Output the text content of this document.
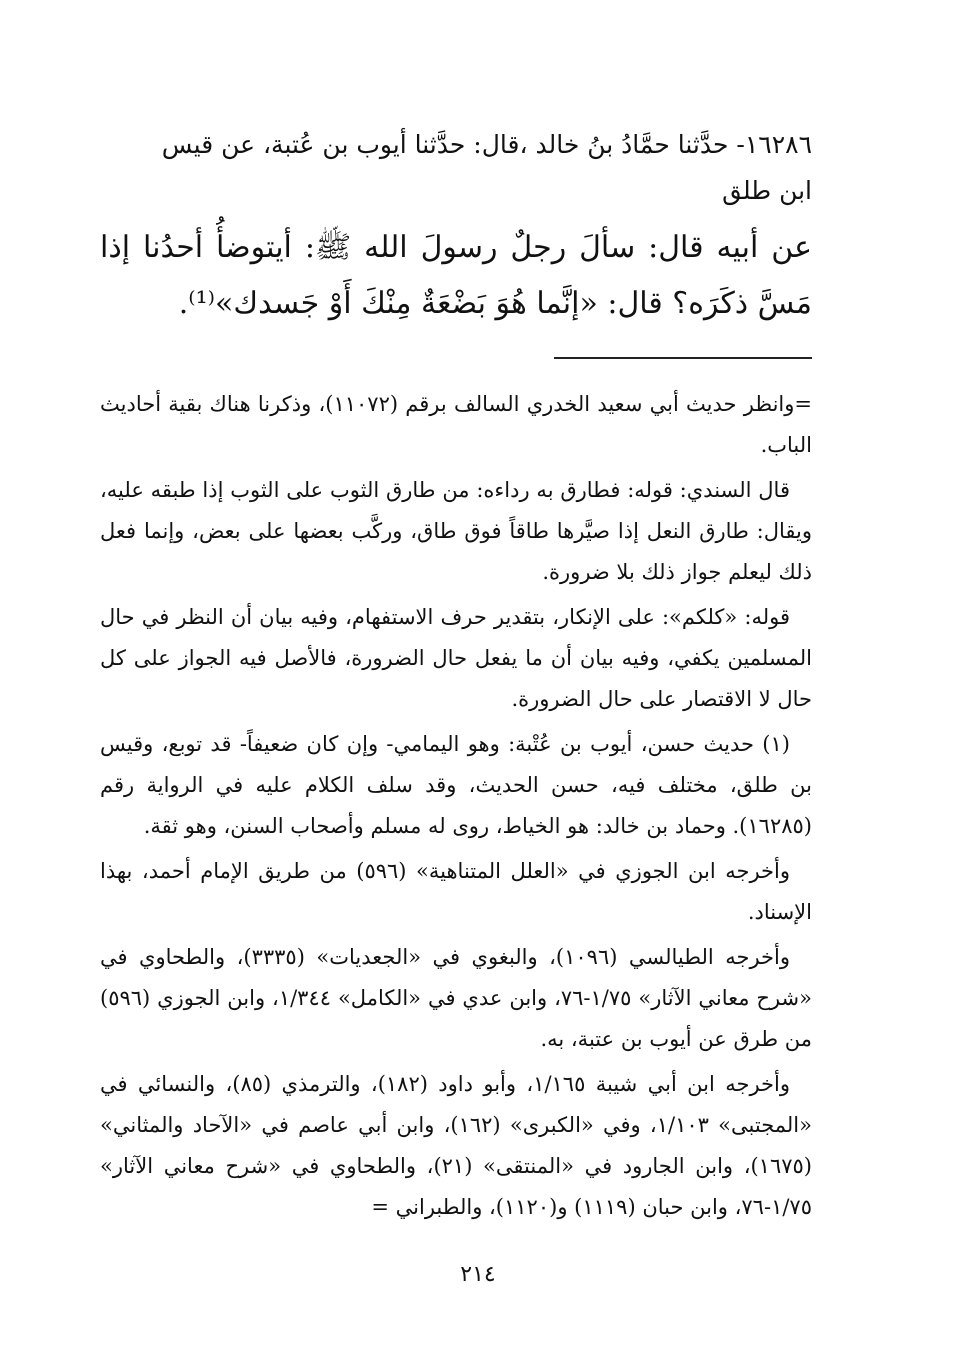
١٦٢٨٦- حدَّثنا حمَّادُ بنُ خالد ،قال: حدَّثنا أيوب بن عُتبة، عن قيس
ابن طلق

عن أبيه قال: سألَ رجلٌ رسولَ الله ﷺ: أيتوضأُ أحدُنا إذا مَسَّ ذكَرَه؟ قال: «إنَّما هُوَ بَضْعَةٌ مِنْكَ أَوْ جَسدك»⁽¹⁾.

=وانظر حديث أبي سعيد الخدري السالف برقم (١١٠٧٢)، وذكرنا هناك بقية أحاديث الباب.

قال السندي: قوله: فطارق به رداءه: من طارق الثوب على الثوب إذا طبقه عليه، ويقال: طارق النعل إذا صيَّرها طاقاً فوق طاق، وركَّب بعضها على بعض، وإنما فعل ذلك ليعلم جواز ذلك بلا ضرورة.

قوله: «كلكم»: على الإنكار، بتقدير حرف الاستفهام، وفيه بيان أن النظر في حال المسلمين يكفي، وفيه بيان أن ما يفعل حال الضرورة، فالأصل فيه الجواز على كل حال لا الاقتصار على حال الضرورة.

(١) حديث حسن، أيوب بن عُتْبة: وهو اليمامي- وإن كان ضعيفاً- قد توبع، وقيس بن طلق، مختلف فيه، حسن الحديث، وقد سلف الكلام عليه في الرواية رقم (١٦٢٨٥). وحماد بن خالد: هو الخياط، روى له مسلم وأصحاب السنن، وهو ثقة.

وأخرجه ابن الجوزي في «العلل المتناهية» (٥٩٦) من طريق الإمام أحمد، بهذا الإسناد.

وأخرجه الطيالسي (١٠٩٦)، والبغوي في «الجعديات» (٣٣٣٥)، والطحاوي في «شرح معاني الآثار» ١/٧٥-٧٦، وابن عدي في «الكامل» ١/٣٤٤، وابن الجوزي (٥٩٦) من طرق عن أيوب بن عتبة، به.

وأخرجه ابن أبي شيبة ١/١٦٥، وأبو داود (١٨٢)، والترمذي (٨٥)، والنسائي في «المجتبى» ١/١٠٣، وفي «الكبرى» (١٦٢)، وابن أبي عاصم في «الآحاد والمثاني» (١٦٧٥)، وابن الجارود في «المنتقى» (٢١)، والطحاوي في «شرح معاني الآثار» ١/٧٥-٧٦، وابن حبان (١١١٩) و(١١٢٠)، والطبراني =

٢١٤
